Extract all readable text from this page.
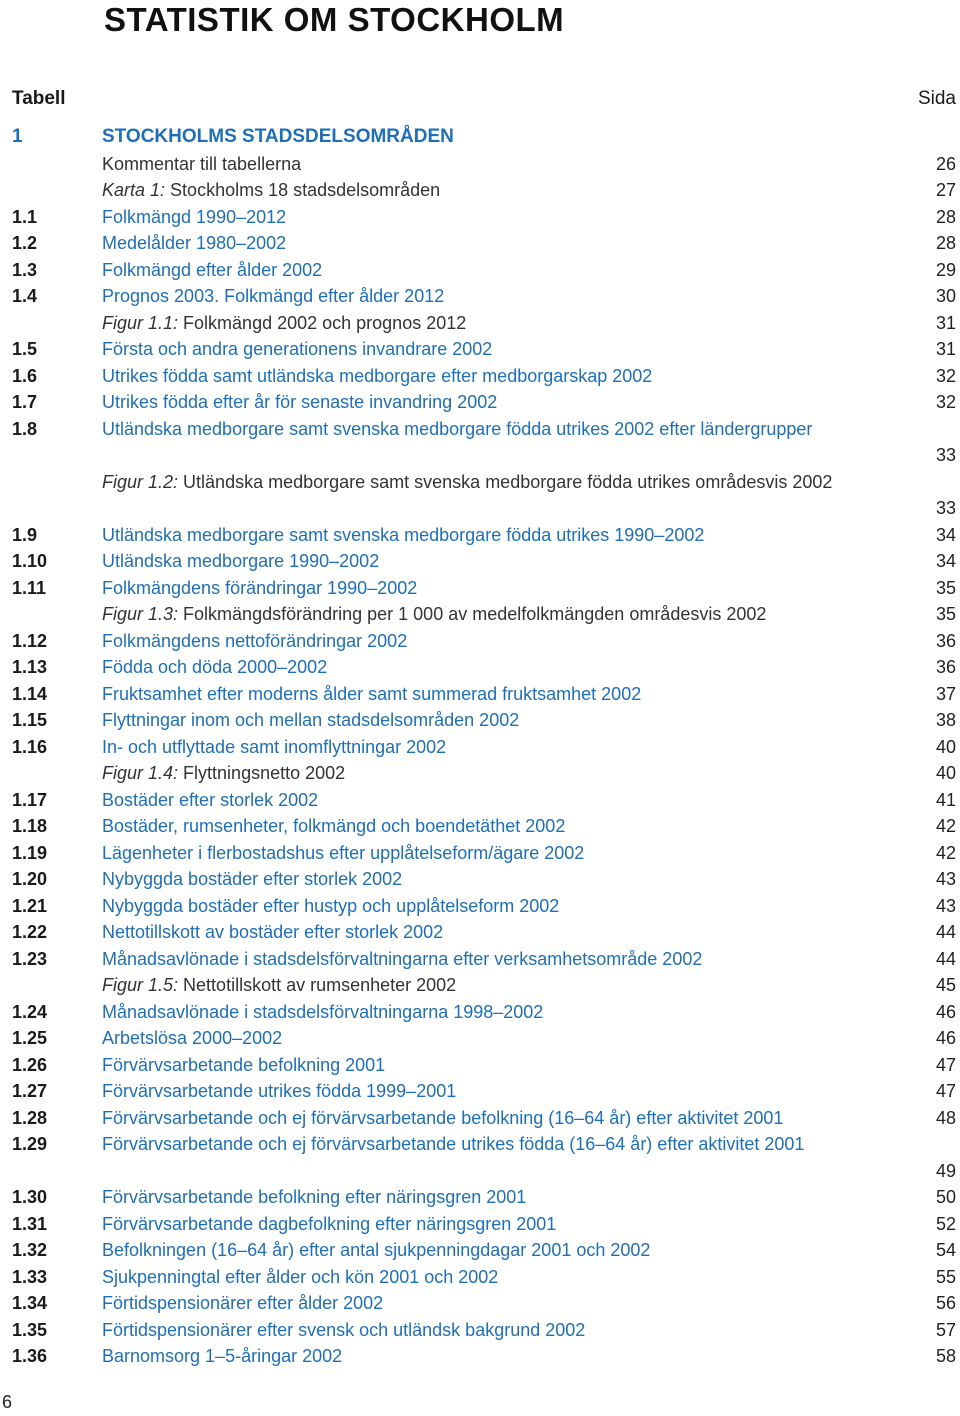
STATISTIK OM STOCKHOLM
Tabell	Sida
1	STOCKHOLMS STADSDELSOMRÅDEN
Kommentar till tabellerna	26
Karta 1: Stockholms 18 stadsdelsområden	27
1.1	Folkmängd 1990–2012	28
1.2	Medelålder 1980–2002	28
1.3	Folkmängd efter ålder 2002	29
1.4	Prognos 2003. Folkmängd efter ålder 2012	30
Figur 1.1: Folkmängd 2002 och prognos 2012	31
1.5	Första och andra generationens invandrare 2002	31
1.6	Utrikes födda samt utländska medborgare efter medborgarskap 2002	32
1.7	Utrikes födda efter år för senaste invandring 2002	32
1.8	Utländska medborgare samt svenska medborgare födda utrikes 2002 efter ländergrupper
33
Figur 1.2: Utländska medborgare samt svenska medborgare födda utrikes områdesvis 2002
33
1.9	Utländska medborgare samt svenska medborgare födda utrikes 1990–2002	34
1.10	Utländska medborgare 1990–2002	34
1.11	Folkmängdens förändringar 1990–2002	35
Figur 1.3: Folkmängdsförändring per 1 000 av medelfolkmängden områdesvis 2002	35
1.12	Folkmängdens nettoförändringar 2002	36
1.13	Födda och döda 2000–2002	36
1.14	Fruktsamhet efter moderns ålder samt summerad fruktsamhet 2002	37
1.15	Flyttningar inom och mellan stadsdelsområden 2002	38
1.16	In- och utflyttade samt inomflyttningar 2002	40
Figur 1.4: Flyttningsnetto 2002	40
1.17	Bostäder efter storlek 2002	41
1.18	Bostäder, rumsenheter, folkmängd och boendetäthet 2002	42
1.19	Lägenheter i flerbostadshus efter upplåtelseform/ägare 2002	42
1.20	Nybyggda bostäder efter storlek 2002	43
1.21	Nybyggda bostäder efter hustyp och upplåtelseform 2002	43
1.22	Nettotillskott av bostäder efter storlek 2002	44
1.23	Månadsavlönade i stadsdelsförvaltningarna efter verksamhetsområde 2002	44
Figur 1.5: Nettotillskott av rumsenheter 2002	45
1.24	Månadsavlönade i stadsdelsförvaltningarna 1998–2002	46
1.25	Arbetslösa 2000–2002	46
1.26	Förvärvsarbetande befolkning 2001	47
1.27	Förvärvsarbetande utrikes födda 1999–2001	47
1.28	Förvärvsarbetande och ej förvärvsarbetande befolkning (16–64 år) efter aktivitet 2001	48
1.29	Förvärvsarbetande och ej förvärvsarbetande utrikes födda (16–64 år) efter aktivitet 2001
49
1.30	Förvärvsarbetande befolkning efter näringsgren 2001	50
1.31	Förvärvsarbetande dagbefolkning efter näringsgren 2001	52
1.32	Befolkningen (16–64 år) efter antal sjukpenningdagar 2001 och 2002	54
1.33	Sjukpenningtal efter ålder och kön 2001 och 2002	55
1.34	Förtidspensionärer efter ålder 2002	56
1.35	Förtidspensionärer efter svensk och utländsk bakgrund 2002	57
1.36	Barnomsorg 1–5-åringar 2002	58
6
